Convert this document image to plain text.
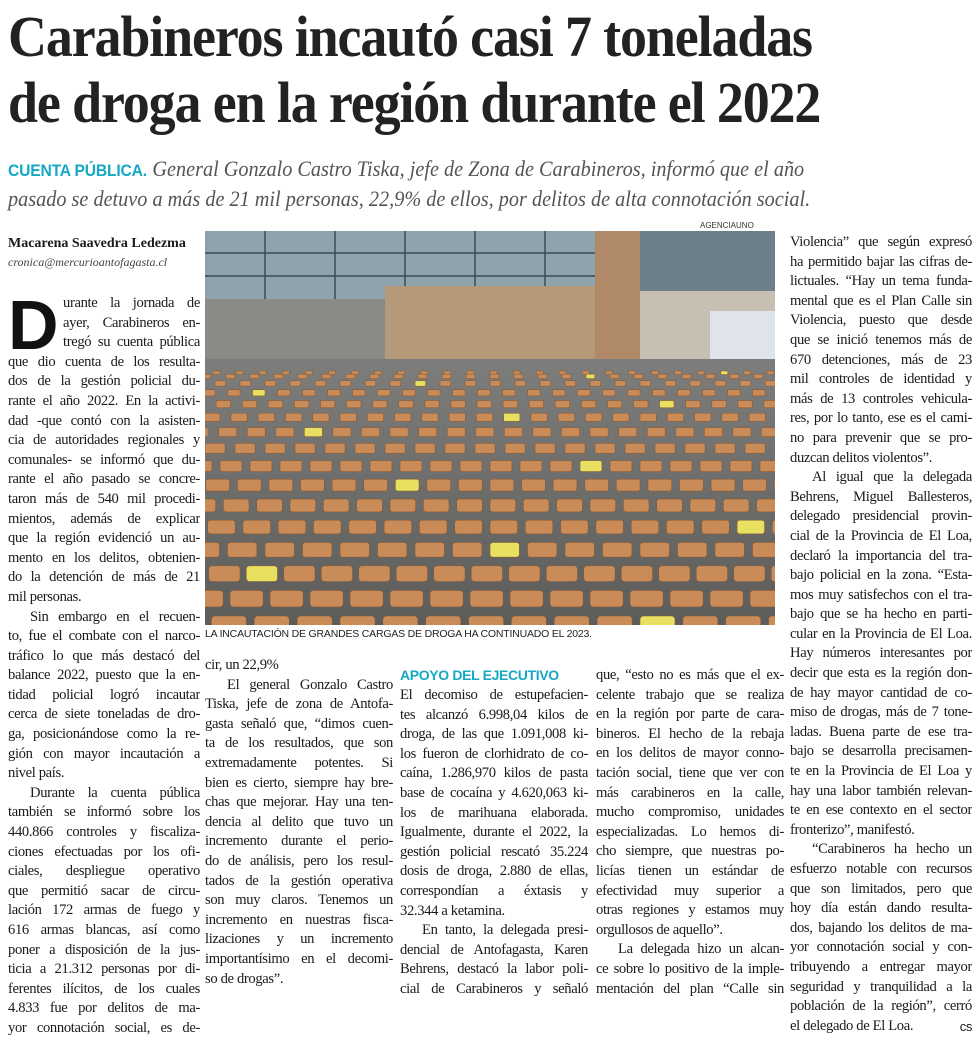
Carabineros incautó casi 7 toneladas
de droga en la región durante el 2022
CUENTA PÚBLICA. General Gonzalo Castro Tiska, jefe de Zona de Carabineros, informó que el año
pasado se detuvo a más de 21 mil personas, 22,9% de ellos, por delitos de alta connotación social.
Macarena Saavedra Ledezma
cronica@mercurioantofagasta.cl
AGENCIAUNO
LA INCAUTACIÓN DE GRANDES CARGAS DE DROGA HA CONTINUADO EL 2023.
D urante la jornada de
ayer, Carabineros en-
tregó su cuenta pública
que dio cuenta de los resulta-
dos de la gestión policial du-
rante el año 2022. En la activi-
dad -que contó con la asisten-
cia de autoridades regionales y
comunales- se informó que du-
rante el año pasado se concre-
taron más de 540 mil procedi-
mientos, además de explicar
que la región evidenció un au-
mento en los delitos, obtenien-
do la detención de más de 21
mil personas.
Sin embargo en el recuen-
to, fue el combate con el narco-
tráfico lo que más destacó del
balance 2022, puesto que la en-
tidad policial logró incautar
cerca de siete toneladas de dro-
ga, posicionándose como la re-
gión con mayor incautación a
nivel país.
Durante la cuenta pública
también se informó sobre los
440.866 controles y fiscaliza-
ciones efectuadas por los ofi-
ciales, despliegue operativo
que permitió sacar de circu-
lación 172 armas de fuego y
616 armas blancas, así como
poner a disposición de la jus-
ticia a 21.312 personas por di-
ferentes ilícitos, de los cuales
4.833 fue por delitos de ma-
yor connotación social, es de-
cir, un 22,9%
El general Gonzalo Castro
Tiska, jefe de zona de Antofa-
gasta señaló que, “dimos cuen-
ta de los resultados, que son
extremadamente potentes. Si
bien es cierto, siempre hay bre-
chas que mejorar. Hay una ten-
dencia al delito que tuvo un
incremento durante el perio-
do de análisis, pero los resul-
tados de la gestión operativa
son muy claros. Tenemos un
incremento en nuestras fisca-
lizaciones y un incremento
importantísimo en el decomi-
so de drogas”.
APOYO DEL EJECUTIVO
El decomiso de estupefacien-
tes alcanzó 6.998,04 kilos de
droga, de las que 1.091,008 ki-
los fueron de clorhidrato de co-
caína, 1.286,970 kilos de pasta
base de cocaína y 4.620,063 ki-
los de marihuana elaborada.
Igualmente, durante el 2022, la
gestión policial rescató 35.224
dosis de droga, 2.880 de ellas,
correspondían a éxtasis y
32.344 a ketamina.
En tanto, la delegada presi-
dencial de Antofagasta, Karen
Behrens, destacó la labor poli-
cial de Carabineros y señaló
que, “esto no es más que el ex-
celente trabajo que se realiza
en la región por parte de cara-
bineros. El hecho de la rebaja
en los delitos de mayor conno-
tación social, tiene que ver con
más carabineros en la calle,
mucho compromiso, unidades
especializadas. Lo hemos di-
cho siempre, que nuestras po-
licías tienen un estándar de
efectividad muy superior a
otras regiones y estamos muy
orgullosos de aquello”.
La delegada hizo un alcan-
ce sobre lo positivo de la imple-
mentación del plan “Calle sin
Violencia” que según expresó
ha permitido bajar las cifras de-
lictuales. “Hay un tema funda-
mental que es el Plan Calle sin
Violencia, puesto que desde
que se inició tenemos más de
670 detenciones, más de 23
mil controles de identidad y
más de 13 controles vehicula-
res, por lo tanto, ese es el cami-
no para prevenir que se pro-
duzcan delitos violentos”.
Al igual que la delegada
Behrens, Miguel Ballesteros,
delegado presidencial provin-
cial de la Provincia de El Loa,
declaró la importancia del tra-
bajo policial en la zona. “Esta-
mos muy satisfechos con el tra-
bajo que se ha hecho en parti-
cular en la Provincia de El Loa.
Hay números interesantes por
decir que esta es la región don-
de hay mayor cantidad de co-
miso de drogas, más de 7 tone-
ladas. Buena parte de ese tra-
bajo se desarrolla precisamen-
te en la Provincia de El Loa y
hay una labor también relevan-
te en ese contexto en el sector
fronterizo”, manifestó.
“Carabineros ha hecho un
esfuerzo notable con recursos
que son limitados, pero que
hoy día están dando resulta-
dos, bajando los delitos de ma-
yor connotación social y con-
tribuyendo a entregar mayor
seguridad y tranquilidad a la
población de la región”, cerró
el delegado de El Loa.	cs
